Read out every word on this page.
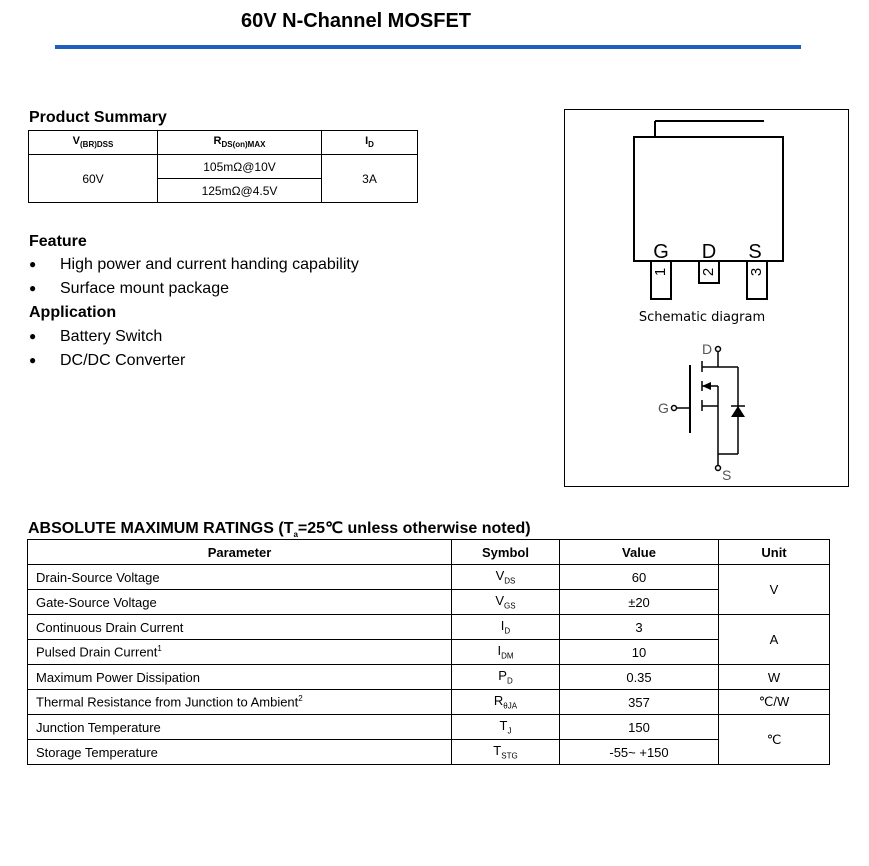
60V N-Channel MOSFET
Product Summary
$V_{(BR)DSS}$	$R_{DS(on)MAX}$	$I_D$
60V	105mΩ@10V	3A
	125mΩ@4.5V	
Feature
●High power and current handing capability
●Surface mount package
Application
●Battery Switch
●DC/DC Converter
G D S
1 2 3
Schematic diagram
D
G
S
ABSOLUTE MAXIMUM RATINGS ($T_a=25℃$ unless otherwise noted)
Parameter	Symbol	Value	Unit
Drain-Source Voltage	$V_{DS}$	60	V
Gate-Source Voltage	$V_{GS}$	±20	
Continuous Drain Current	$I_D$	3	A
Pulsed Drain Current$^1$	$I_{DM}$	10	
Maximum Power Dissipation	$P_D$	0.35	W
Thermal Resistance from Junction to Ambient$^2$	$R_{\theta JA}$	357	℃/W
Junction Temperature	$T_J$	150	℃
Storage Temperature	$T_{STG}$	-55~ +150	
